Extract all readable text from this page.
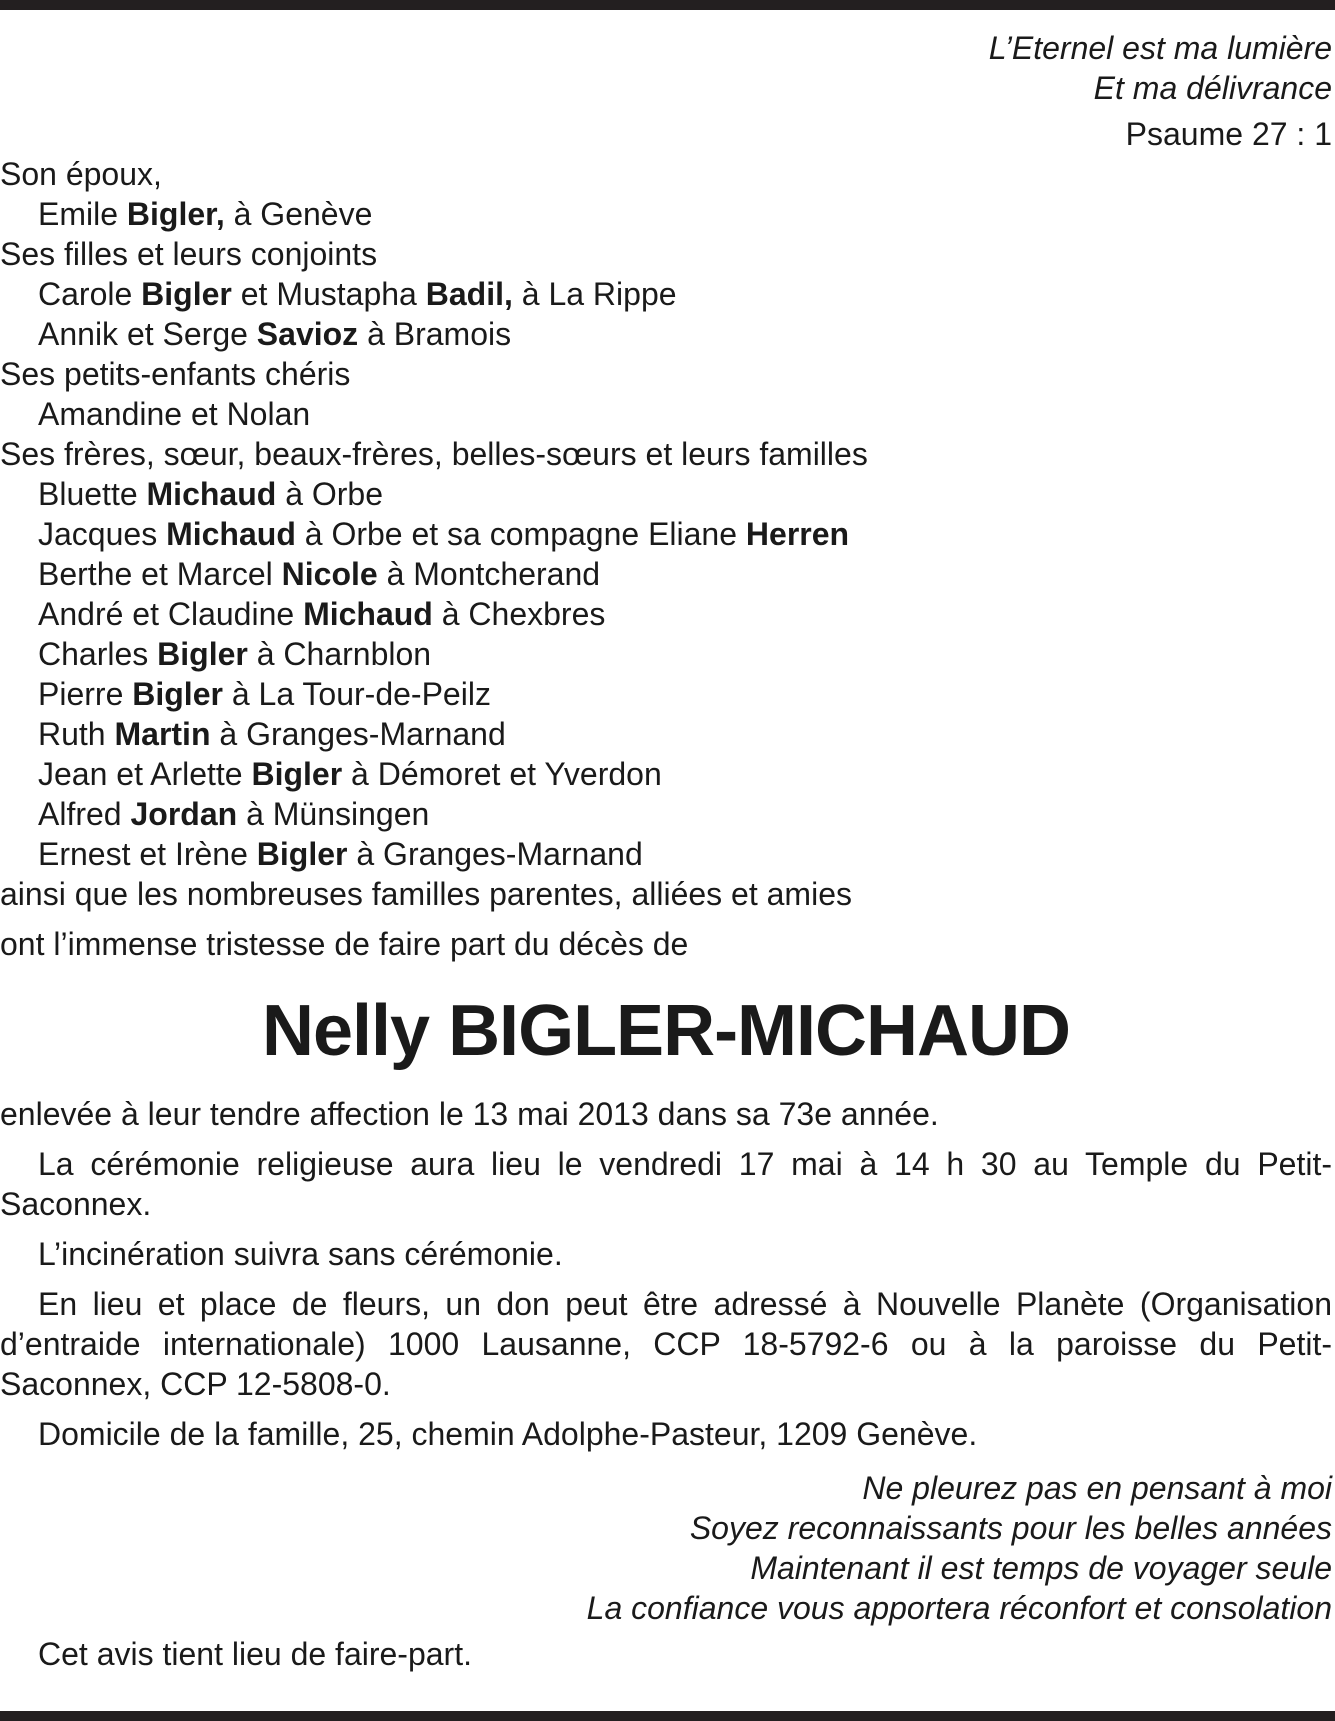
L’Eternel est ma lumière

Et ma délivrance

Psaume 27 : 1

Son époux,

Emile Bigler, à Genève

Ses filles et leurs conjoints

Carole Bigler et Mustapha Badil, à La Rippe

Annik et Serge Savioz à Bramois

Ses petits-enfants chéris

Amandine et Nolan

Ses frères, sœur, beaux-frères, belles-sœurs et leurs familles

Bluette Michaud à Orbe

Jacques Michaud à Orbe et sa compagne Eliane Herren

Berthe et Marcel Nicole à Montcherand

André et Claudine Michaud à Chexbres

Charles Bigler à Charnblon

Pierre Bigler à La Tour-de-Peilz

Ruth Martin à Granges-Marnand

Jean et Arlette Bigler à Démoret et Yverdon

Alfred Jordan à Münsingen

Ernest et Irène Bigler à Granges-Marnand

ainsi que les nombreuses familles parentes, alliées et amies

ont l’immense tristesse de faire part du décès de

Nelly BIGLER-MICHAUD

enlevée à leur tendre affection le 13 mai 2013 dans sa 73e année.

La cérémonie religieuse aura lieu le vendredi 17 mai à 14 h 30 au Temple du Petit-Saconnex.

L’incinération suivra sans cérémonie.

En lieu et place de fleurs, un don peut être adressé à Nouvelle Planète (Organisation d’entraide internationale) 1000 Lausanne, CCP 18-5792-6 ou à la paroisse du Petit-Saconnex, CCP 12-5808-0.

Domicile de la famille, 25, chemin Adolphe-Pasteur, 1209 Genève.

Ne pleurez pas en pensant à moi
Soyez reconnaissants pour les belles années
Maintenant il est temps de voyager seule
La confiance vous apportera réconfort et consolation

Cet avis tient lieu de faire-part.
